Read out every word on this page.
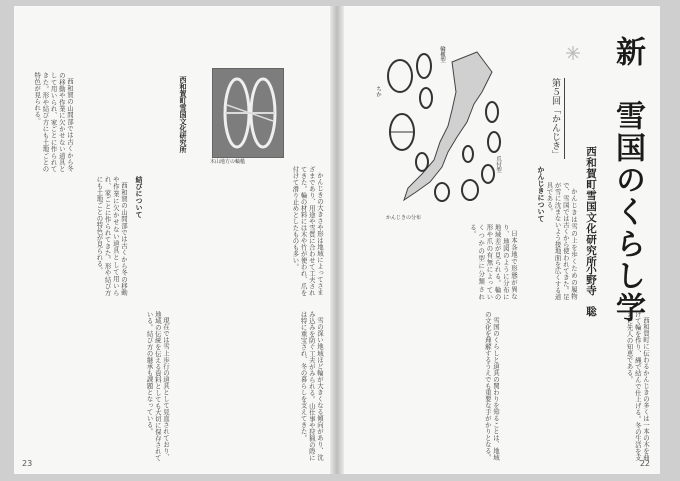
木山地方の輪檻
西和賀町雪国文化研究所
結びについて	かんじきの大きさや形は地域によってさまざまであり、用途や雪質に合わせて工夫されてきた。輪の材料には木や竹が使われ、爪を付けて滑り止めとしたものも多い。

西和賀の山間部では古くから冬の移動や作業に欠かせない道具として用いられ、家ごとに作られてきた。形や結び方にも土地ごとの特色が見られる。

西和賀の山間部では古くから冬の移動や作業に欠かせない道具として用いられ、家ごとに作られてきた。形や結び方にも土地ごとの特色が見られる。

雪の深い地域ほど輪が大きくなる傾向があり、沈み込みを防ぐ工夫がみられる。山仕事や狩猟の際には特に重宝され、冬の暮らしを支えてきた。

現在では雪上歩行の道具として見直されており、地域の伝統を伝える資料としても大切に保存されている。結び方の継承も課題となっている。

23
輪檻型
爪付型
ちか
かんじきの分布	新　雪国のくらし学
第５回「かんじき」
西和賀町雪国文化研究所
小野寺　聡
かんじきについて	かんじきは雪の上を歩くための履物で、雪国では古くから使われてきた。足が雪に沈まないよう接地面を広くする道具である。

日本各地で形態が異なり、地図のように分布に地域差が見られる。輪の形や爪の有無によっていくつかの型に分類される。

西和賀町に伝わるかんじきの多くは一本の木を曲げて輪を作り、縄で結んで仕上げる。冬の生活を支えた先人の知恵である。

雪国のくらしと道具の関わりを知ることは、地域の文化を理解するうえでも重要な手がかりとなる。

22
